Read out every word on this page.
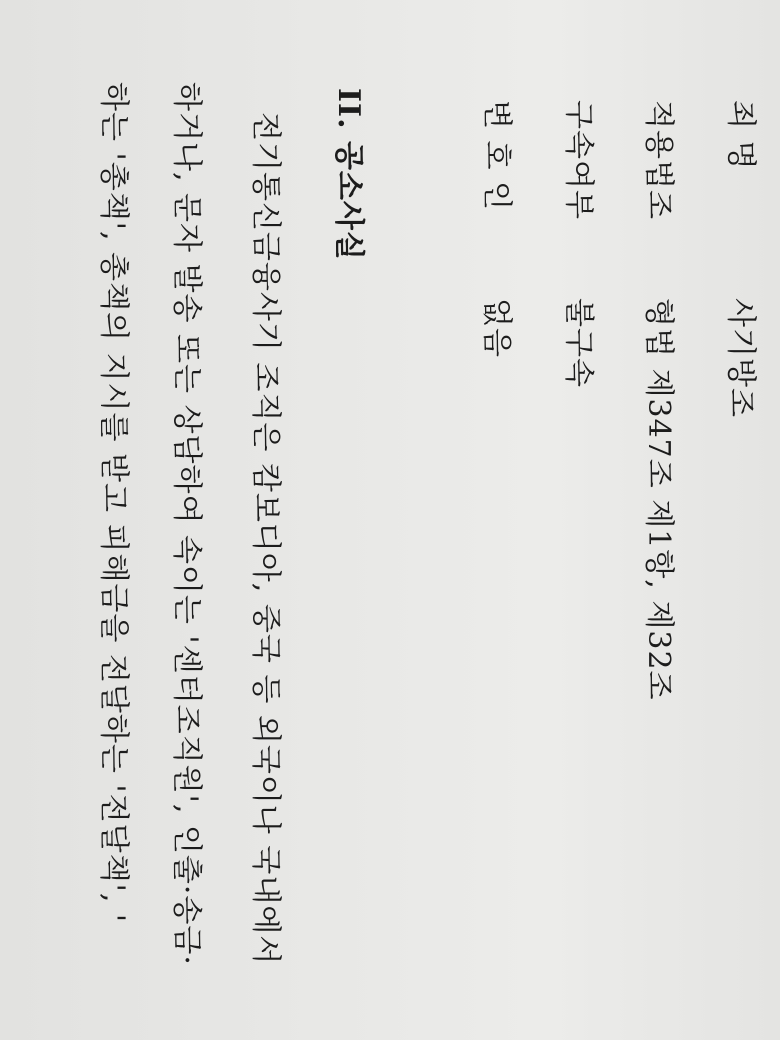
죄 명
사기방조
적용법조
형법 제347조 제1항, 제32조
구속여부
불구속
변 호 인
없음
II. 공소사실
전기통신금융사기 조직은 캄보디아, 중국 등 외국이나 국내에서
하거나, 문자 발송 또는 상담하여 속이는 '센터조직원', 인출·송금·
하는 '총책', 총책의 지시를 받고 피해금을 전달하는 '전달책', '
